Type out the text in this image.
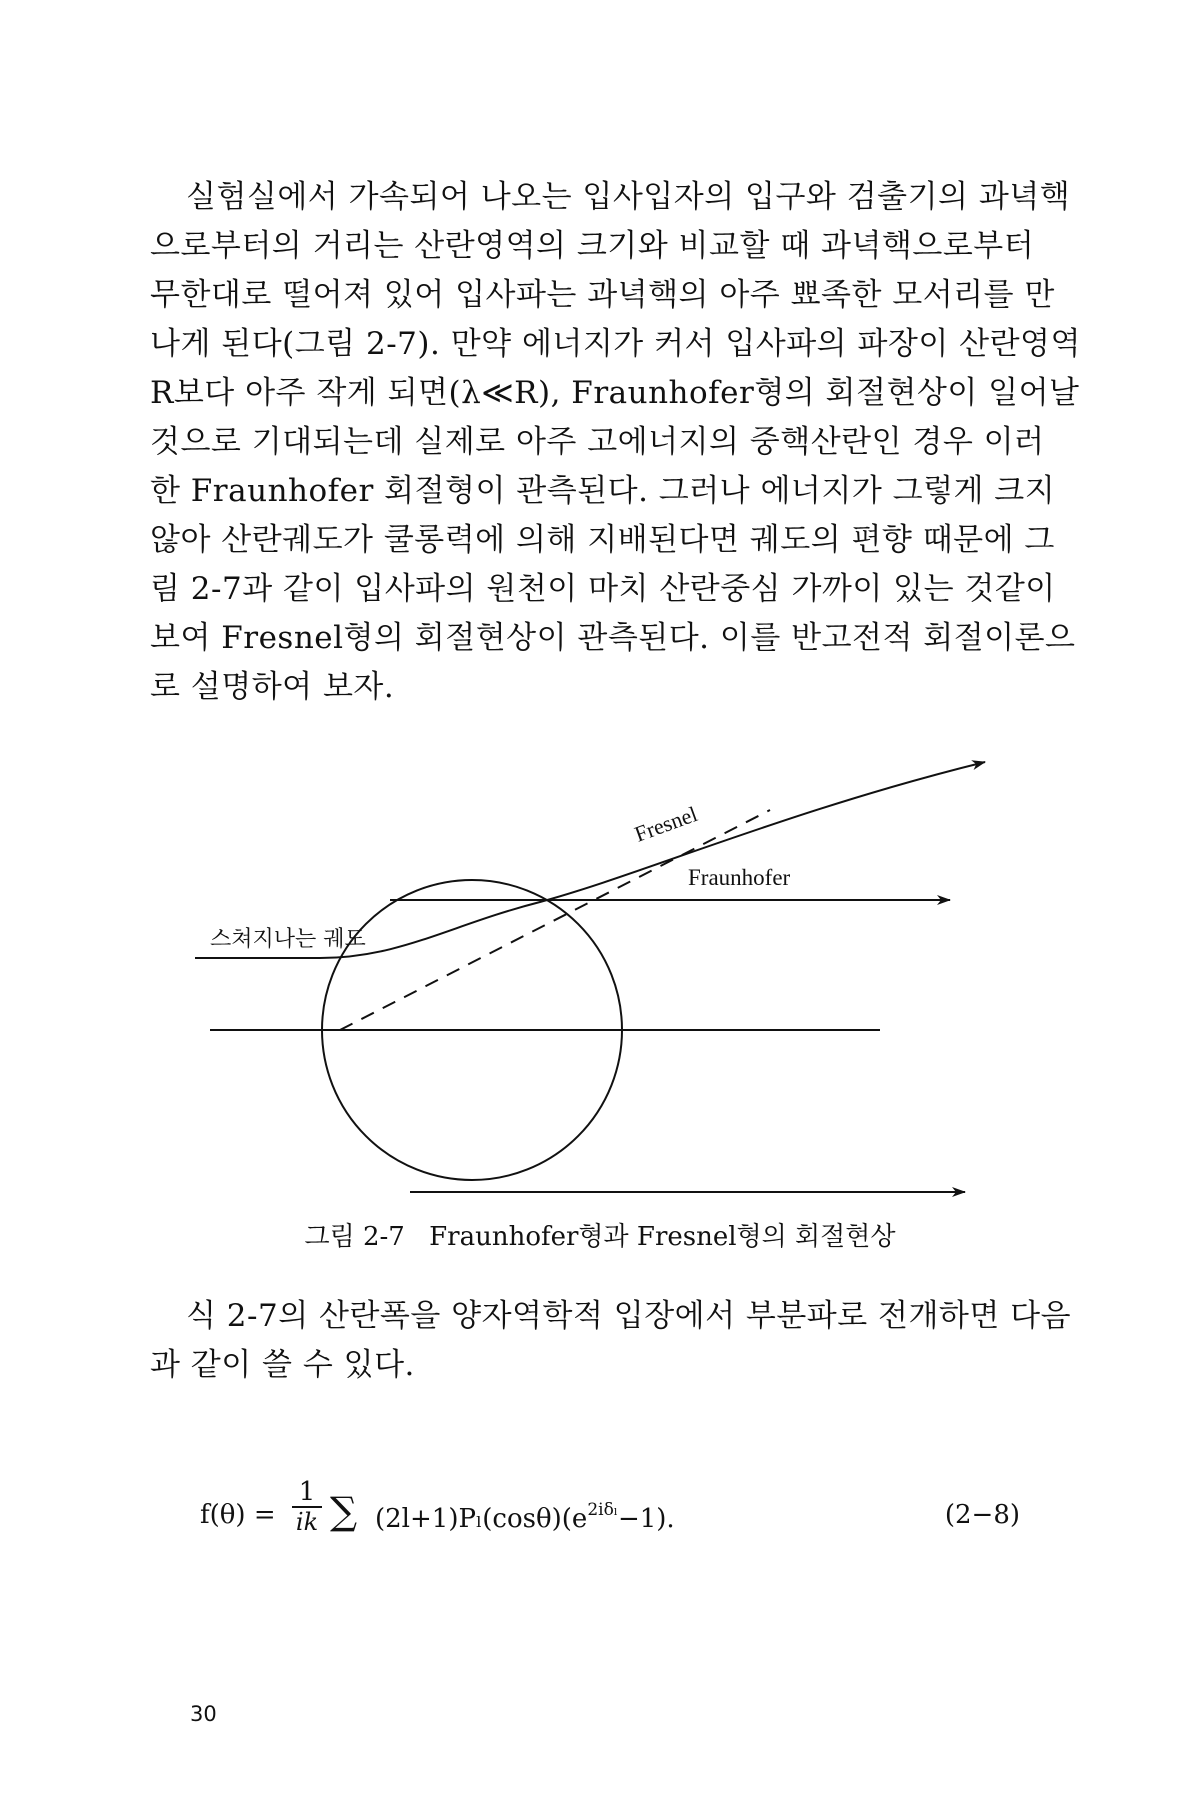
실험실에서 가속되어 나오는 입사입자의 입구와 검출기의 과녁핵
으로부터의 거리는 산란영역의 크기와 비교할 때 과녁핵으로부터
무한대로 떨어져 있어 입사파는 과녁핵의 아주 뾰족한 모서리를 만
나게 된다(그림 2-7). 만약 에너지가 커서 입사파의 파장이 산란영역
R보다 아주 작게 되면(λ≪R), Fraunhofer형의 회절현상이 일어날
것으로 기대되는데 실제로 아주 고에너지의 중핵산란인 경우 이러
한 Fraunhofer 회절형이 관측된다. 그러나 에너지가 그렇게 크지
않아 산란궤도가 쿨롱력에 의해 지배된다면 궤도의 편향 때문에 그
림 2-7과 같이 입사파의 원천이 마치 산란중심 가까이 있는 것같이
보여 Fresnel형의 회절현상이 관측된다. 이를 반고전적 회절이론으
로 설명하여 보자.
Fresnel
Fraunhofer
스쳐지나는 궤도
그림 2-7 Fraunhofer형과 Fresnel형의 회절현상
식 2-7의 산란폭을 양자역학적 입장에서 부분파로 전개하면 다음
과 같이 쓸 수 있다.
$f(\theta) = \frac{1}{ik}$ ∑ $(2l+1)P_l(\cos\theta)(e^{2i\delta_l}-1)$.	(2−8)
30
